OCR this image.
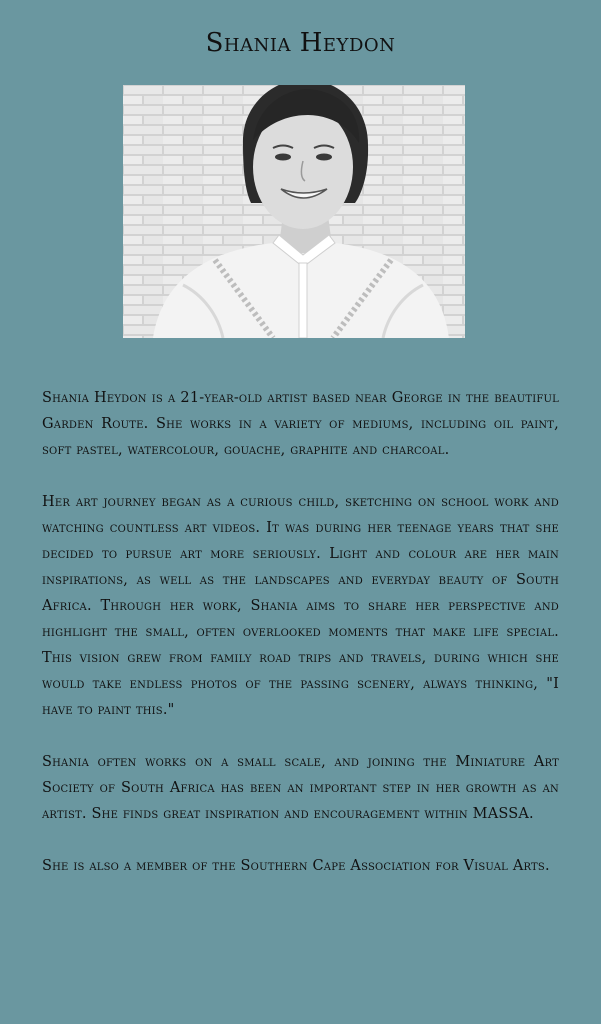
Shania Heydon

Shania Heydon is a 21-year-old artist based near George in the beautiful Garden Route. She works in a variety of mediums, including oil paint, soft pastel, watercolour, gouache, graphite and charcoal.

Her art journey began as a curious child, sketching on school work and watching countless art videos. It was during her teenage years that she decided to pursue art more seriously. Light and colour are her main inspirations, as well as the landscapes and everyday beauty of South Africa. Through her work, Shania aims to share her perspective and highlight the small, often overlooked moments that make life special. This vision grew from family road trips and travels, during which she would take endless photos of the passing scenery, always thinking, "I have to paint this."

Shania often works on a small scale, and joining the Miniature Art Society of South Africa has been an important step in her growth as an artist. She finds great inspiration and encouragement within MASSA.

She is also a member of the Southern Cape Association for Visual Arts.
